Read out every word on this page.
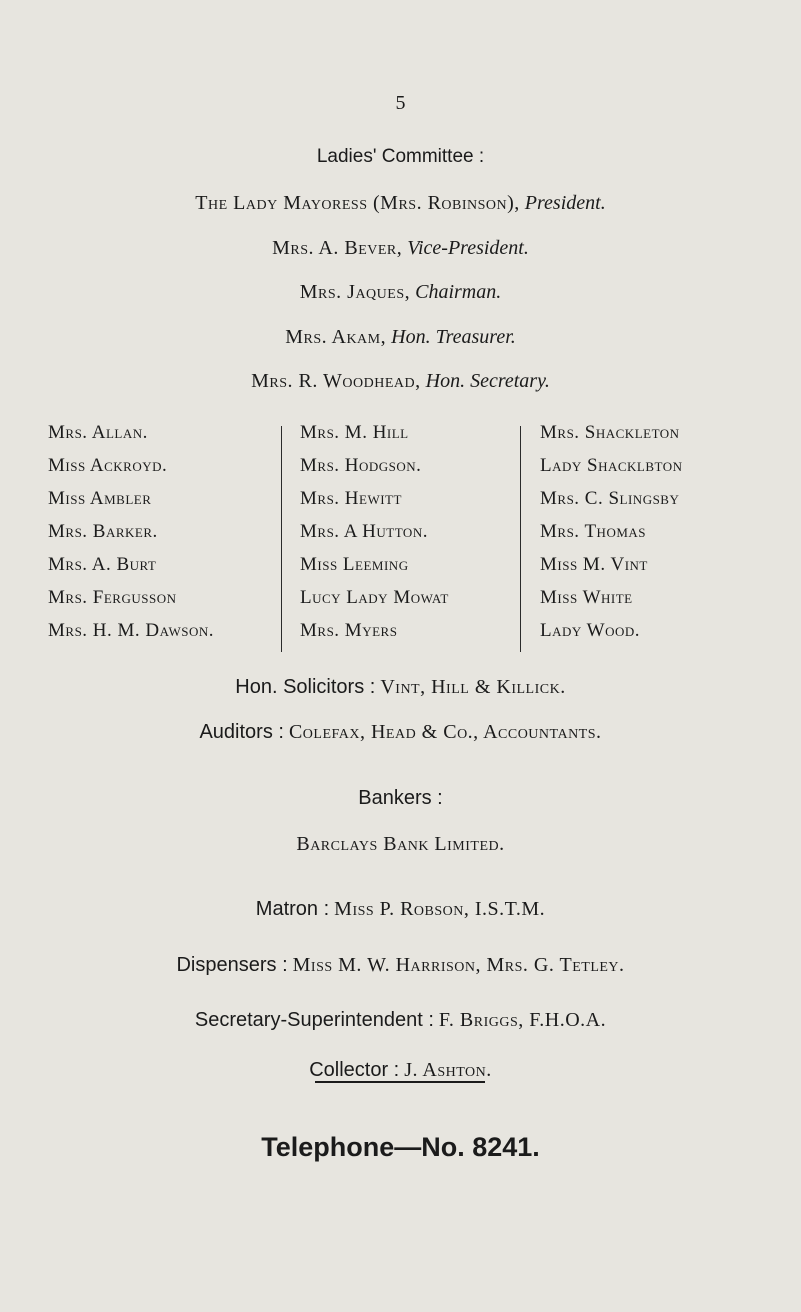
5
Ladies' Committee :
The Lady Mayoress (Mrs. Robinson), President.
Mrs. A. Bever, Vice-President.
Mrs. Jaques, Chairman.
Mrs. Akam, Hon. Treasurer.
Mrs. R. Woodhead, Hon. Secretary.
Mrs. Allan.
Miss Ackroyd.
Miss Ambler
Mrs. Barker.
Mrs. A. Burt
Mrs. Fergusson
Mrs. H. M. Dawson.
Mrs. M. Hill
Mrs. Hodgson.
Mrs. Hewitt
Mrs. A Hutton.
Miss Leeming
Lucy Lady Mowat
Mrs. Myers
Mrs. Shackleton
Lady Shacklbton
Mrs. C. Slingsby
Mrs. Thomas
Miss M. Vint
Miss White
Lady Wood.
Hon. Solicitors : Vint, Hill & Killick.
Auditors : Colefax, Head & Co., Accountants.
Bankers :
Barclays Bank Limited.
Matron : Miss P. Robson, I.S.T.M.
Dispensers : Miss M. W. Harrison, Mrs. G. Tetley.
Secretary-Superintendent : F. Briggs, F.H.O.A.
Collector : J. Ashton.
Telephone—No. 8241.
